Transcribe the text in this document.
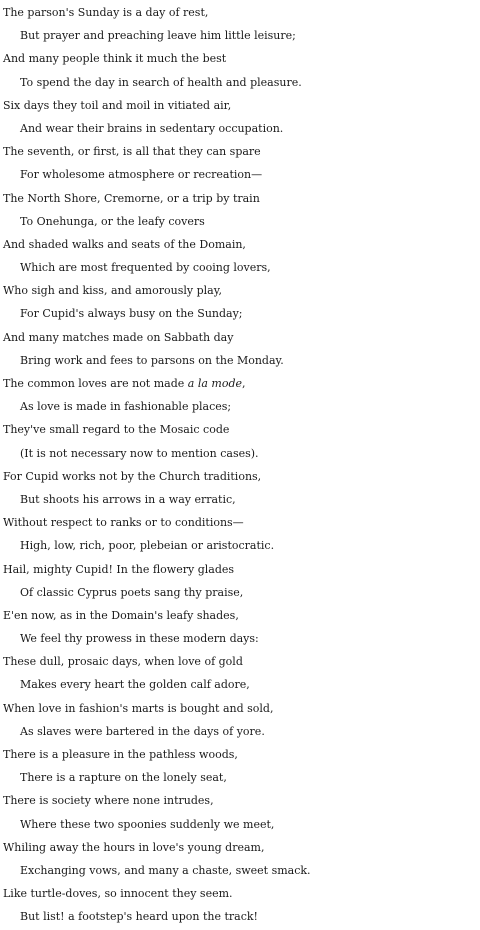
The parson's Sunday is a day of rest,
But prayer and preaching leave him little leisure;
And many people think it much the best
To spend the day in search of health and pleasure.
Six days they toil and moil in vitiated air,
And wear their brains in sedentary occupation.
The seventh, or first, is all that they can spare
For wholesome atmosphere or recreation—
The North Shore, Cremorne, or a trip by train
To Onehunga, or the leafy covers
And shaded walks and seats of the Domain,
Which are most frequented by cooing lovers,
Who sigh and kiss, and amorously play,
For Cupid's always busy on the Sunday;
And many matches made on Sabbath day
Bring work and fees to parsons on the Monday.
The common loves are not made a la mode,
As love is made in fashionable places;
They've small regard to the Mosaic code
(It is not necessary now to mention cases).
For Cupid works not by the Church traditions,
But shoots his arrows in a way erratic,
Without respect to ranks or to conditions—
High, low, rich, poor, plebeian or aristocratic.
Hail, mighty Cupid! In the flowery glades
Of classic Cyprus poets sang thy praise,
E'en now, as in the Domain's leafy shades,
We feel thy prowess in these modern days:
These dull, prosaic days, when love of gold
Makes every heart the golden calf adore,
When love in fashion's marts is bought and sold,
As slaves were bartered in the days of yore.
There is a pleasure in the pathless woods,
There is a rapture on the lonely seat,
There is society where none intrudes,
Where these two spoonies suddenly we meet,
Whiling away the hours in love's young dream,
Exchanging vows, and many a chaste, sweet smack.
Like turtle-doves, so innocent they seem.
But list! a footstep's heard upon the track!
